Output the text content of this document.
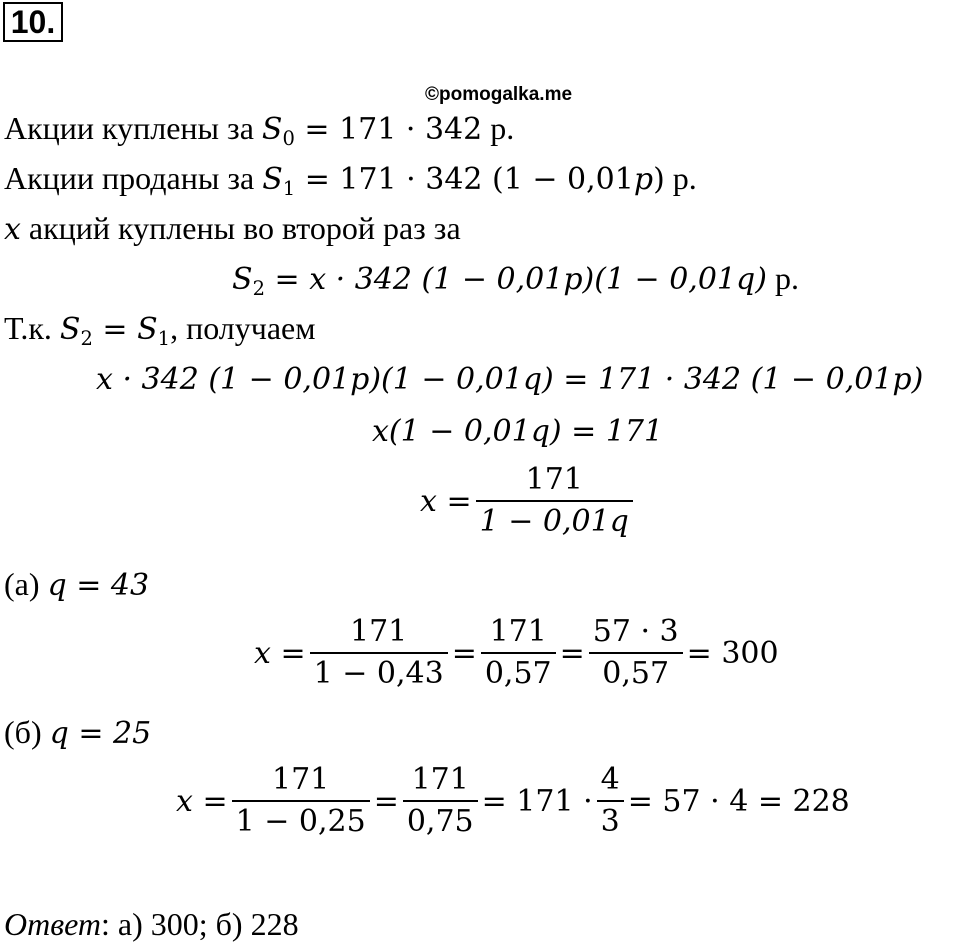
10.
©pomogalka.me
Акции куплены за $S_0 = 171 \cdot 342$ р.
Акции проданы за $S_1 = 171 \cdot 342$ (1 − 0,01p) р.
x акций куплены во второй раз за
$S_2 = x \cdot 342$ (1 − 0,01p)(1 − 0,01q) р.
Т.к. $S_2 = S_1$, получаем
x · 342 (1 − 0,01p)(1 − 0,01q) = 171 · 342 (1 − 0,01p)
x(1 − 0,01q) = 171
$x = \frac{171}{1 - 0,01q}$
(а) q = 43
$x = \frac{171}{1 - 0,43} = \frac{171}{0,57} = \frac{57 \cdot 3}{0,57} = 300$
(б) q = 25
$x = \frac{171}{1 - 0,25} = \frac{171}{0,75} = 171 \cdot \frac{4}{3} = 57 \cdot 4 = 228$
Ответ: а) 300; б) 228
